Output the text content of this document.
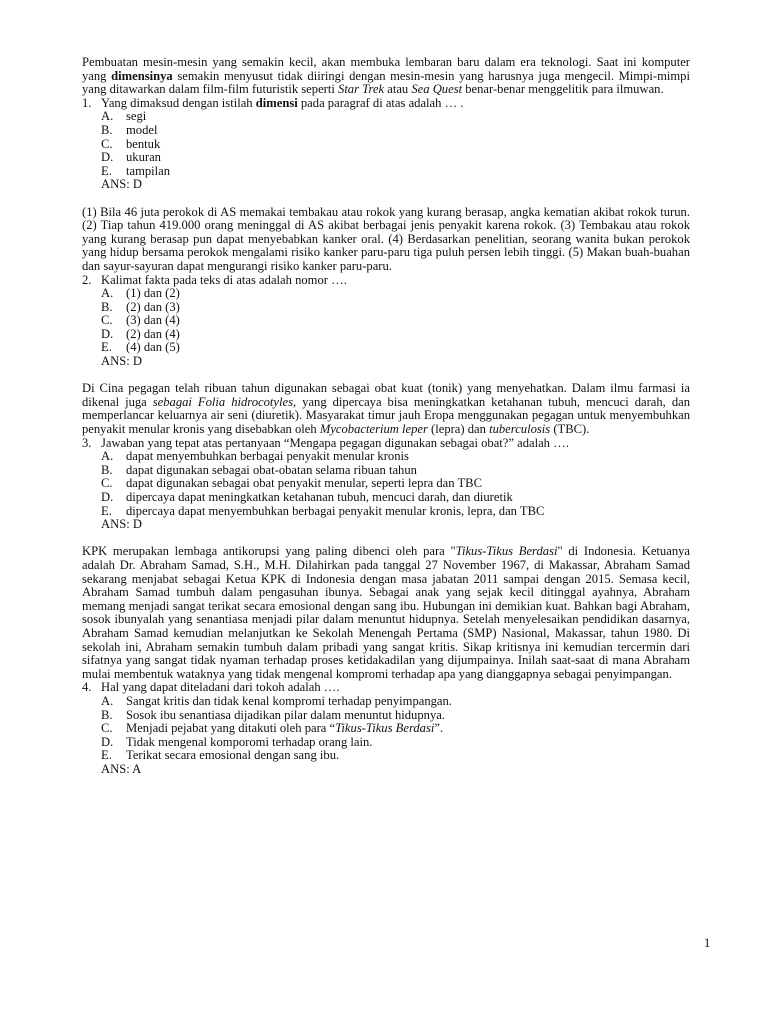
Pembuatan mesin-mesin yang semakin kecil, akan membuka lembaran baru dalam era teknologi. Saat ini komputer yang dimensinya semakin menyusut tidak diiringi dengan mesin-mesin yang harusnya juga mengecil. Mimpi-mimpi yang ditawarkan dalam film-film futuristik seperti Star Trek atau Sea Quest benar-benar menggelitik para ilmuwan.

1. Yang dimaksud dengan istilah dimensi pada paragraf di atas adalah … .
A.	segi
B.	model
C.	bentuk
D.	ukuran
E.	tampilan
ANS: D

(1) Bila 46 juta perokok di AS memakai tembakau atau rokok yang kurang berasap, angka kematian akibat rokok turun. (2) Tiap tahun 419.000 orang meninggal di AS akibat berbagai jenis penyakit karena rokok. (3) Tembakau atau rokok yang kurang berasap pun dapat menyebabkan kanker oral. (4) Berdasarkan penelitian, seorang wanita bukan perokok yang hidup bersama perokok mengalami risiko kanker paru-paru tiga puluh persen lebih tinggi. (5) Makan buah-buahan dan sayur-sayuran dapat mengurangi risiko kanker paru-paru.

2. Kalimat fakta pada teks di atas adalah nomor ….
A.	(1) dan (2)
B.	(2) dan (3)
C.	(3) dan (4)
D.	(2) dan (4)
E.	(4) dan (5)
ANS: D

Di Cina pegagan telah ribuan tahun digunakan sebagai obat kuat (tonik) yang menyehatkan. Dalam ilmu farmasi ia dikenal juga sebagai Folia hidrocotyles, yang dipercaya bisa meningkatkan ketahanan tubuh, mencuci darah, dan memperlancar keluarnya air seni (diuretik). Masyarakat timur jauh Eropa menggunakan pegagan untuk menyembuhkan penyakit menular kronis yang disebabkan oleh Mycobacterium leper (lepra) dan tuberculosis (TBC).

3. Jawaban yang tepat atas pertanyaan “Mengapa pegagan digunakan sebagai obat?” adalah ….
A.	dapat menyembuhkan berbagai penyakit menular kronis
B.	dapat digunakan sebagai obat-obatan selama ribuan tahun
C.	dapat digunakan sebagai obat penyakit menular, seperti lepra dan TBC
D.	dipercaya dapat meningkatkan ketahanan tubuh, mencuci darah, dan diuretik
E.	dipercaya dapat menyembuhkan berbagai penyakit menular kronis, lepra, dan TBC
ANS: D

KPK merupakan lembaga antikorupsi yang paling dibenci oleh para "Tikus-Tikus Berdasi" di Indonesia. Ketuanya adalah Dr. Abraham Samad, S.H., M.H. Dilahirkan pada tanggal 27 November 1967, di Makassar, Abraham Samad sekarang menjabat sebagai Ketua KPK di Indonesia dengan masa jabatan 2011 sampai dengan 2015. Semasa kecil, Abraham Samad tumbuh dalam pengasuhan ibunya. Sebagai anak yang sejak kecil ditinggal ayahnya, Abraham memang menjadi sangat terikat secara emosional dengan sang ibu. Hubungan ini demikian kuat. Bahkan bagi Abraham, sosok ibunyalah yang senantiasa menjadi pilar dalam menuntut hidupnya. Setelah menyelesaikan pendidikan dasarnya, Abraham Samad kemudian melanjutkan ke Sekolah Menengah Pertama (SMP) Nasional, Makassar, tahun 1980. Di sekolah ini, Abraham semakin tumbuh dalam pribadi yang sangat kritis. Sikap kritisnya ini kemudian tercermin dari sifatnya yang sangat tidak nyaman terhadap proses ketidakadilan yang dijumpainya. Inilah saat-saat di mana Abraham mulai membentuk wataknya yang tidak mengenal kompromi terhadap apa yang dianggapnya sebagai penyimpangan.

4. Hal yang dapat diteladani dari tokoh adalah ….
A.	Sangat kritis dan tidak kenal kompromi terhadap penyimpangan.
B.	Sosok ibu senantiasa dijadikan pilar dalam menuntut hidupnya.
C.	Menjadi pejabat yang ditakuti oleh para “Tikus-Tikus Berdasi”.
D.	Tidak mengenal komporomi terhadap orang lain.
E.	Terikat secara emosional dengan sang ibu.
ANS: A
1
